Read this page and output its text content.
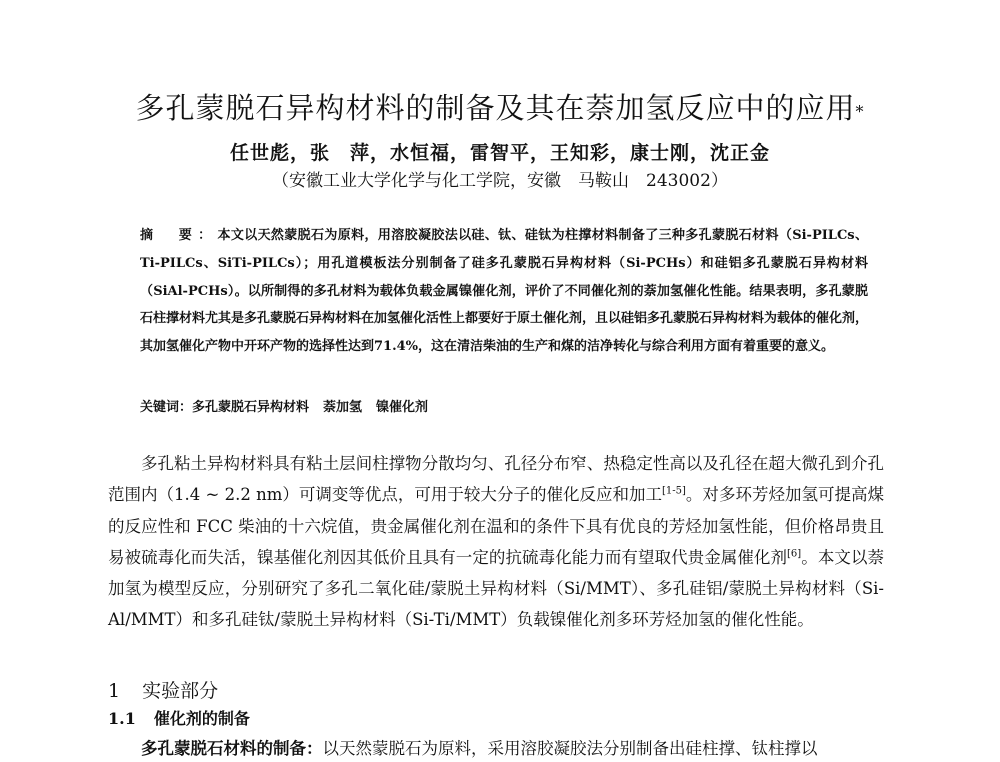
多孔蒙脱石异构材料的制备及其在萘加氢反应中的应用*
任世彪，张　萍，水恒福，雷智平，王知彩，康士刚，沈正金
（安徽工业大学化学与化工学院，安徽　马鞍山　243002）
摘　要：本文以天然蒙脱石为原料，用溶胶凝胶法以硅、钛、硅钛为柱撑材料制备了三种多孔蒙脱石材料（Si-PILCs、Ti-PILCs、SiTi-PILCs）；用孔道模板法分别制备了硅多孔蒙脱石异构材料（Si-PCHs）和硅铝多孔蒙脱石异构材料（SiAl-PCHs）。以所制得的多孔材料为载体负载金属镍催化剂，评价了不同催化剂的萘加氢催化性能。结果表明，多孔蒙脱石柱撑材料尤其是多孔蒙脱石异构材料在加氢催化活性上都要好于原土催化剂，且以硅铝多孔蒙脱石异构材料为载体的催化剂，其加氢催化产物中开环产物的选择性达到71.4%，这在清洁柴油的生产和煤的洁净转化与综合利用方面有着重要的意义。
关键词：多孔蒙脱石异构材料 萘加氢 镍催化剂
多孔粘土异构材料具有粘土层间柱撑物分散均匀、孔径分布窄、热稳定性高以及孔径在超大微孔到介孔范围内（1.4 ~ 2.2 nm）可调变等优点，可用于较大分子的催化反应和加工[1-5]。对多环芳烃加氢可提高煤的反应性和 FCC 柴油的十六烷值，贵金属催化剂在温和的条件下具有优良的芳烃加氢性能，但价格昂贵且易被硫毒化而失活，镍基催化剂因其低价且具有一定的抗硫毒化能力而有望取代贵金属催化剂[6]。本文以萘加氢为模型反应，分别研究了多孔二氧化硅/蒙脱土异构材料（Si/MMT）、多孔硅铝/蒙脱土异构材料（Si-Al/MMT）和多孔硅钛/蒙脱土异构材料（Si-Ti/MMT）负载镍催化剂多环芳烃加氢的催化性能。
1 实验部分
1.1 催化剂的制备
多孔蒙脱石材料的制备：以天然蒙脱石为原料，采用溶胶凝胶法分别制备出硅柱撑、钛柱撑以
